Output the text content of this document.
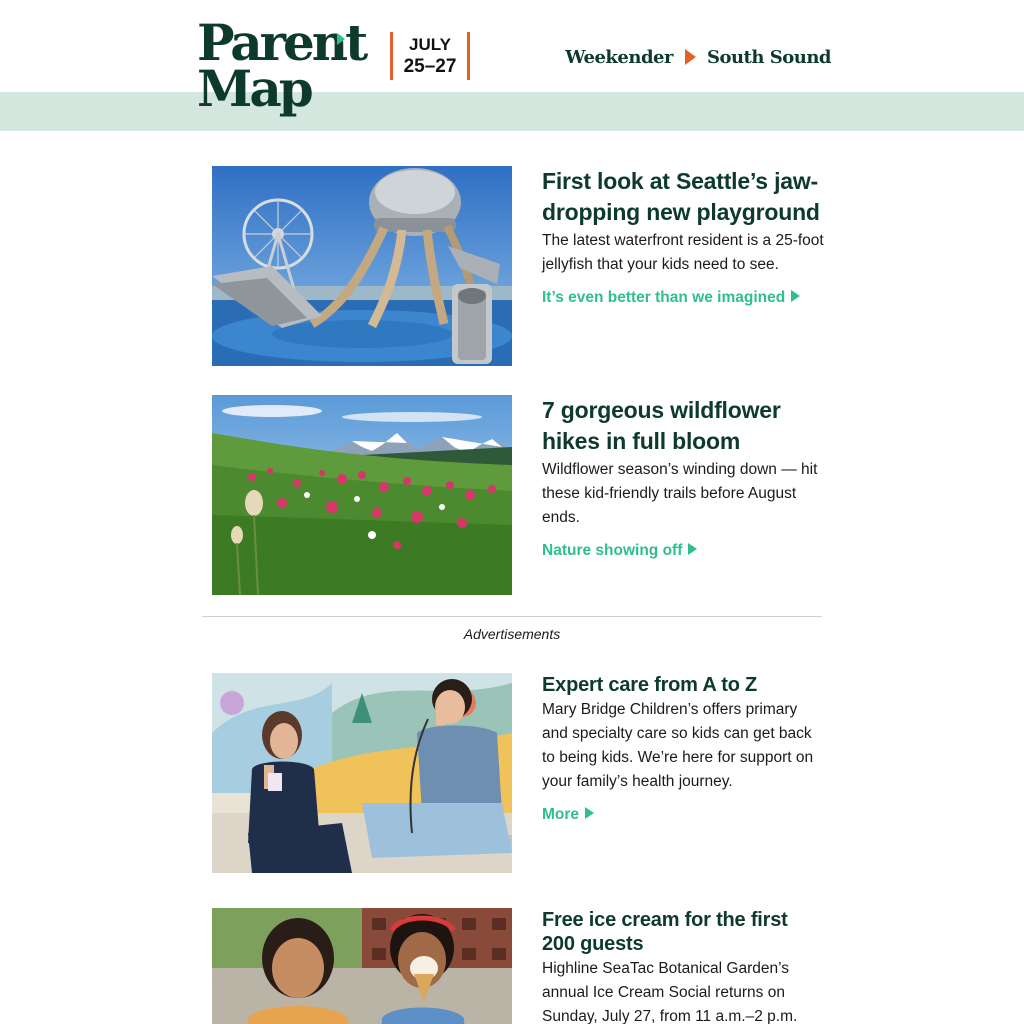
Parent
Map
JULY
25–27	Weekender South Sound
First look at Seattle’s jaw-dropping new playground

The latest waterfront resident is a 25-foot jellyfish that your kids need to see.

It’s even better than we imagined
7 gorgeous wildflower hikes in full bloom

Wildflower season’s winding down — hit these kid-friendly trails before August ends.

Nature showing off
Advertisements
Expert care from A to Z

Mary Bridge Children’s offers primary and specialty care so kids can get back to being kids. We’re here for support on your family’s health journey.

More
Free ice cream for the first 200 guests

Highline SeaTac Botanical Garden’s annual Ice Cream Social returns on Sunday, July 27, from 11 a.m.–2 p.m.
